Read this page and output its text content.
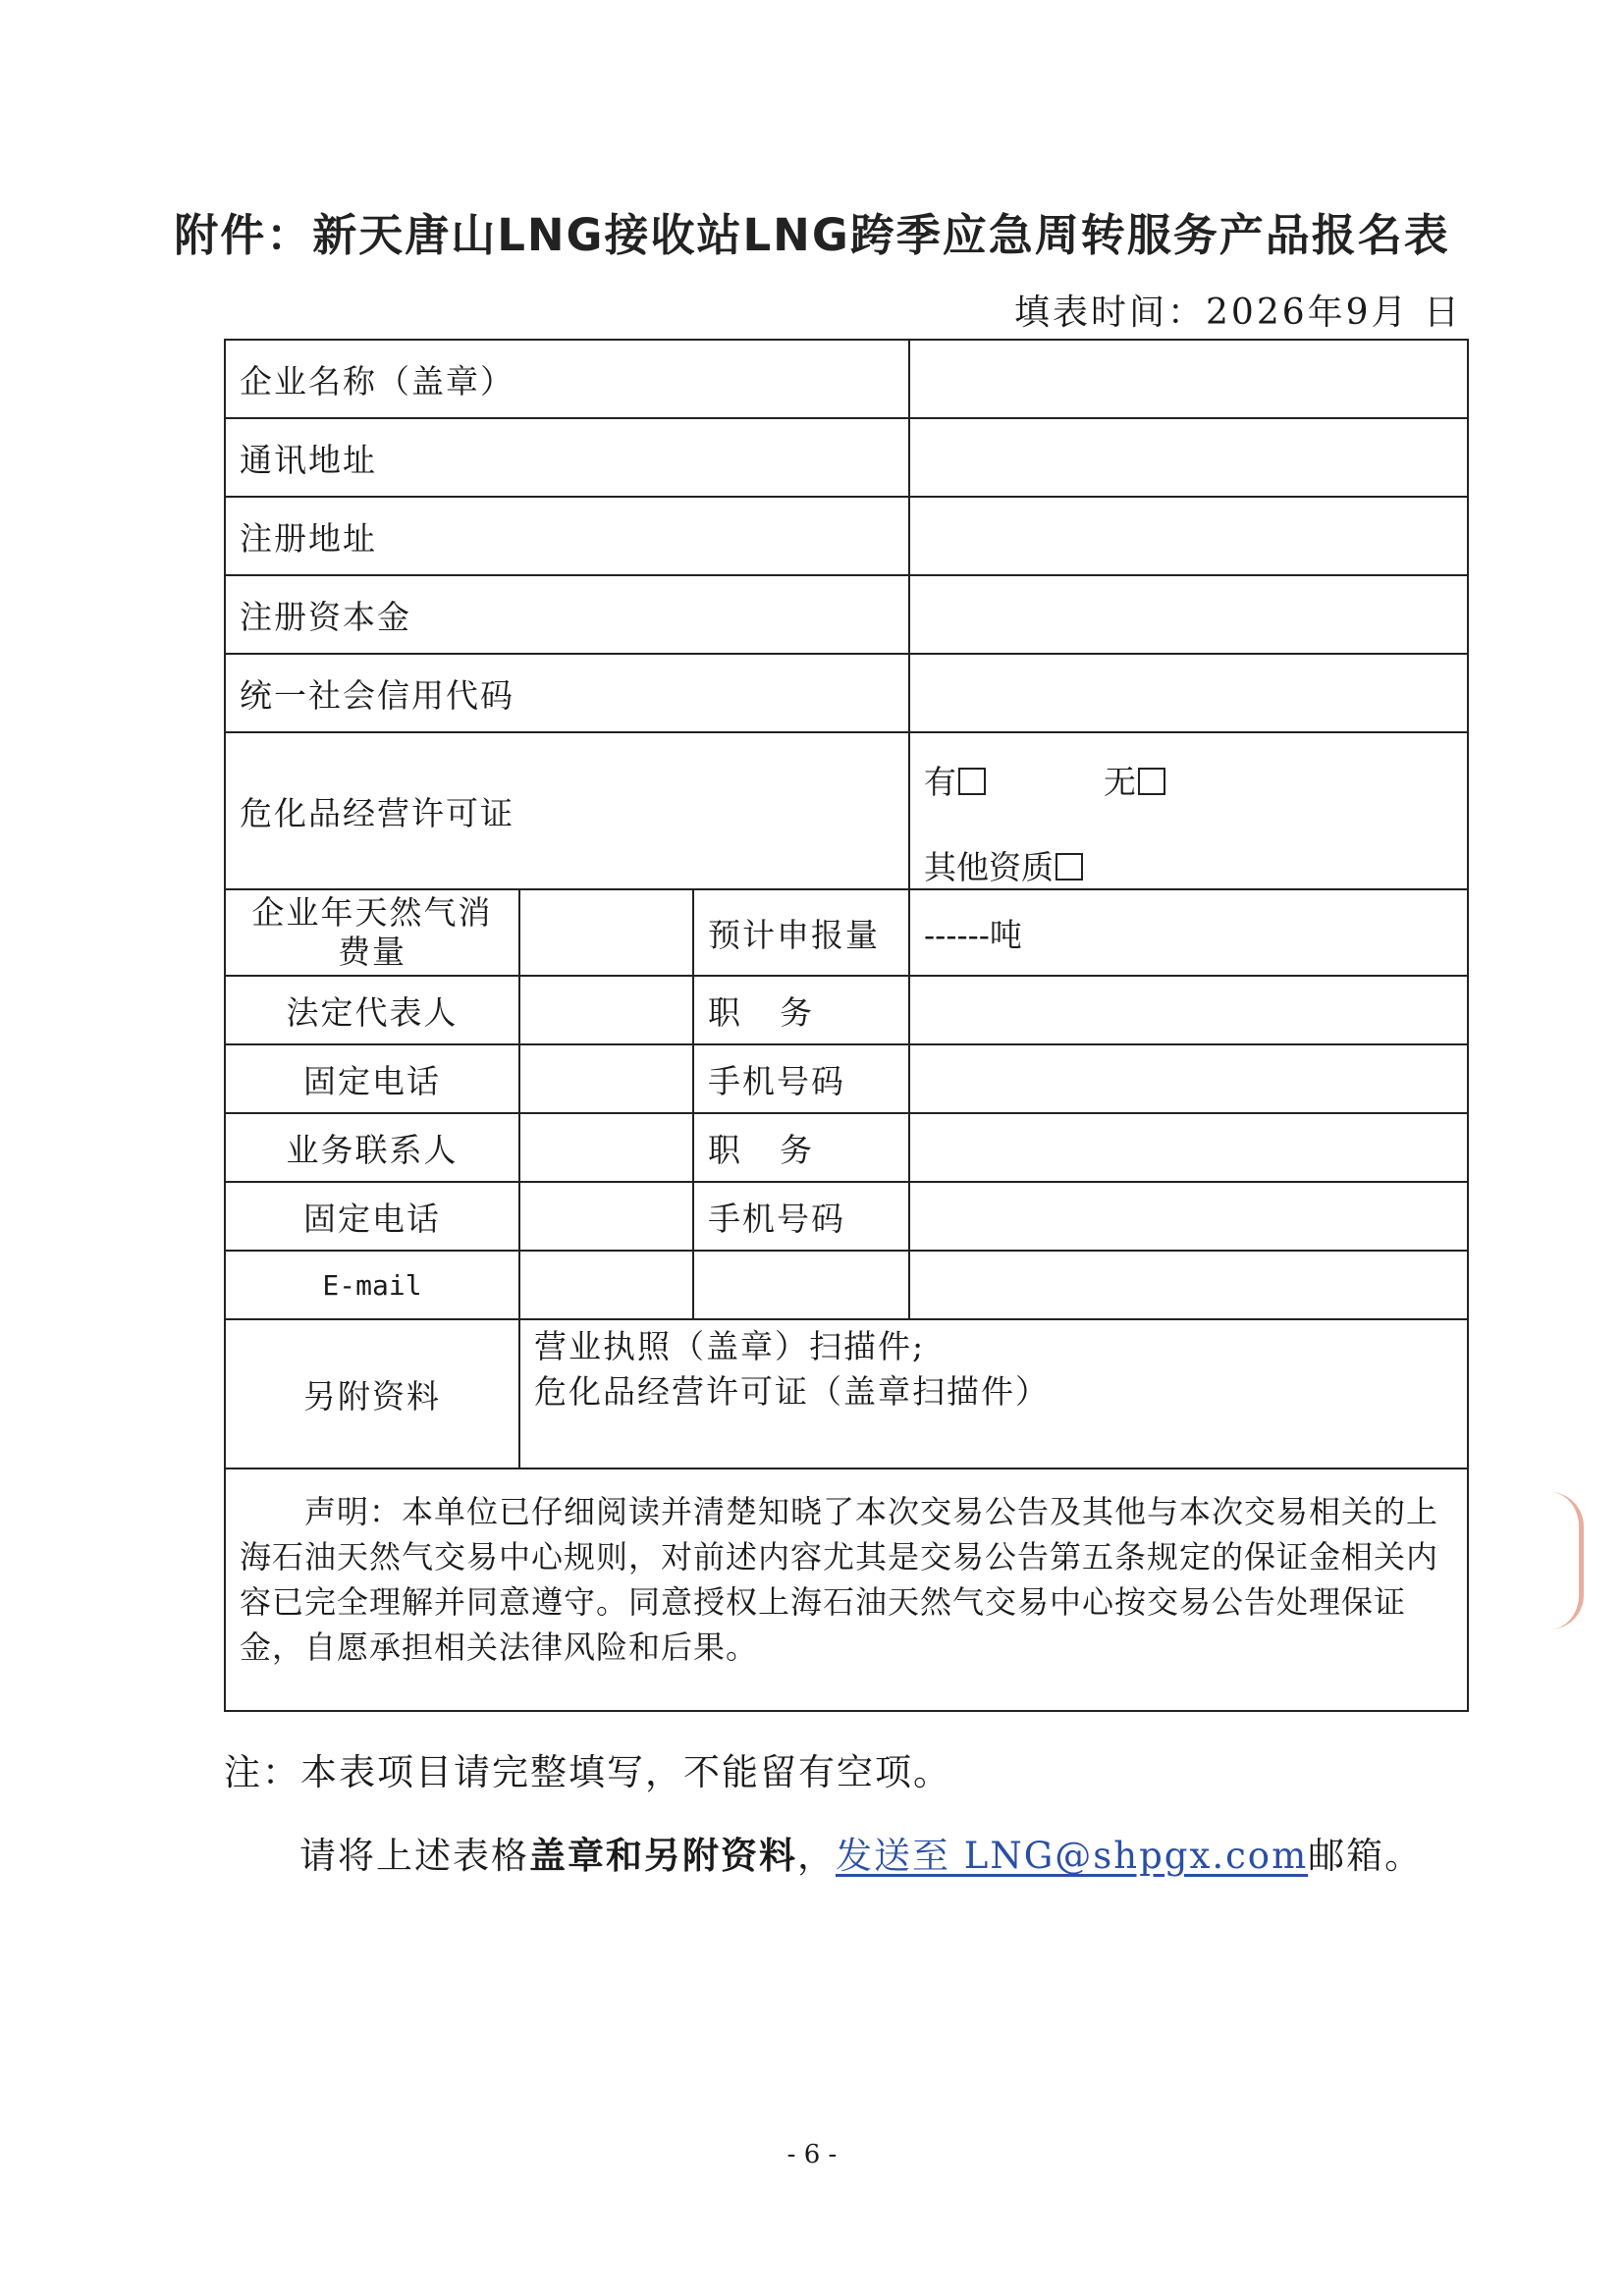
附件：新天唐山LNG接收站LNG跨季应急周转服务产品报名表
填表时间：2026年9月 日
企业名称（盖章）			
通讯地址			
注册地址			
注册资本金			
统一社会信用代码			
危化品经营许可证			有 无
其他资质

企业年天然气消
费量		预计申报量	------吨
法定代表人		职务	
固定电话		手机号码	
业务联系人		职务	
固定电话		手机号码	
E-mail			
另附资料	营业执照（盖章）扫描件;
危化品经营许可证（盖章扫描件）		

声明：本单位已仔细阅读并清楚知晓了本次交易公告及其他与本次交易相关的上海石油天然气交易中心规则，对前述内容尤其是交易公告第五条规定的保证金相关内容已完全理解并同意遵守。同意授权上海石油天然气交易中心按交易公告处理保证金，自愿承担相关法律风险和后果。			
注：本表项目请完整填写，不能留有空项。
请将上述表格盖章和另附资料，发送至 LNG@shpgx.com邮箱。
- 6 -
